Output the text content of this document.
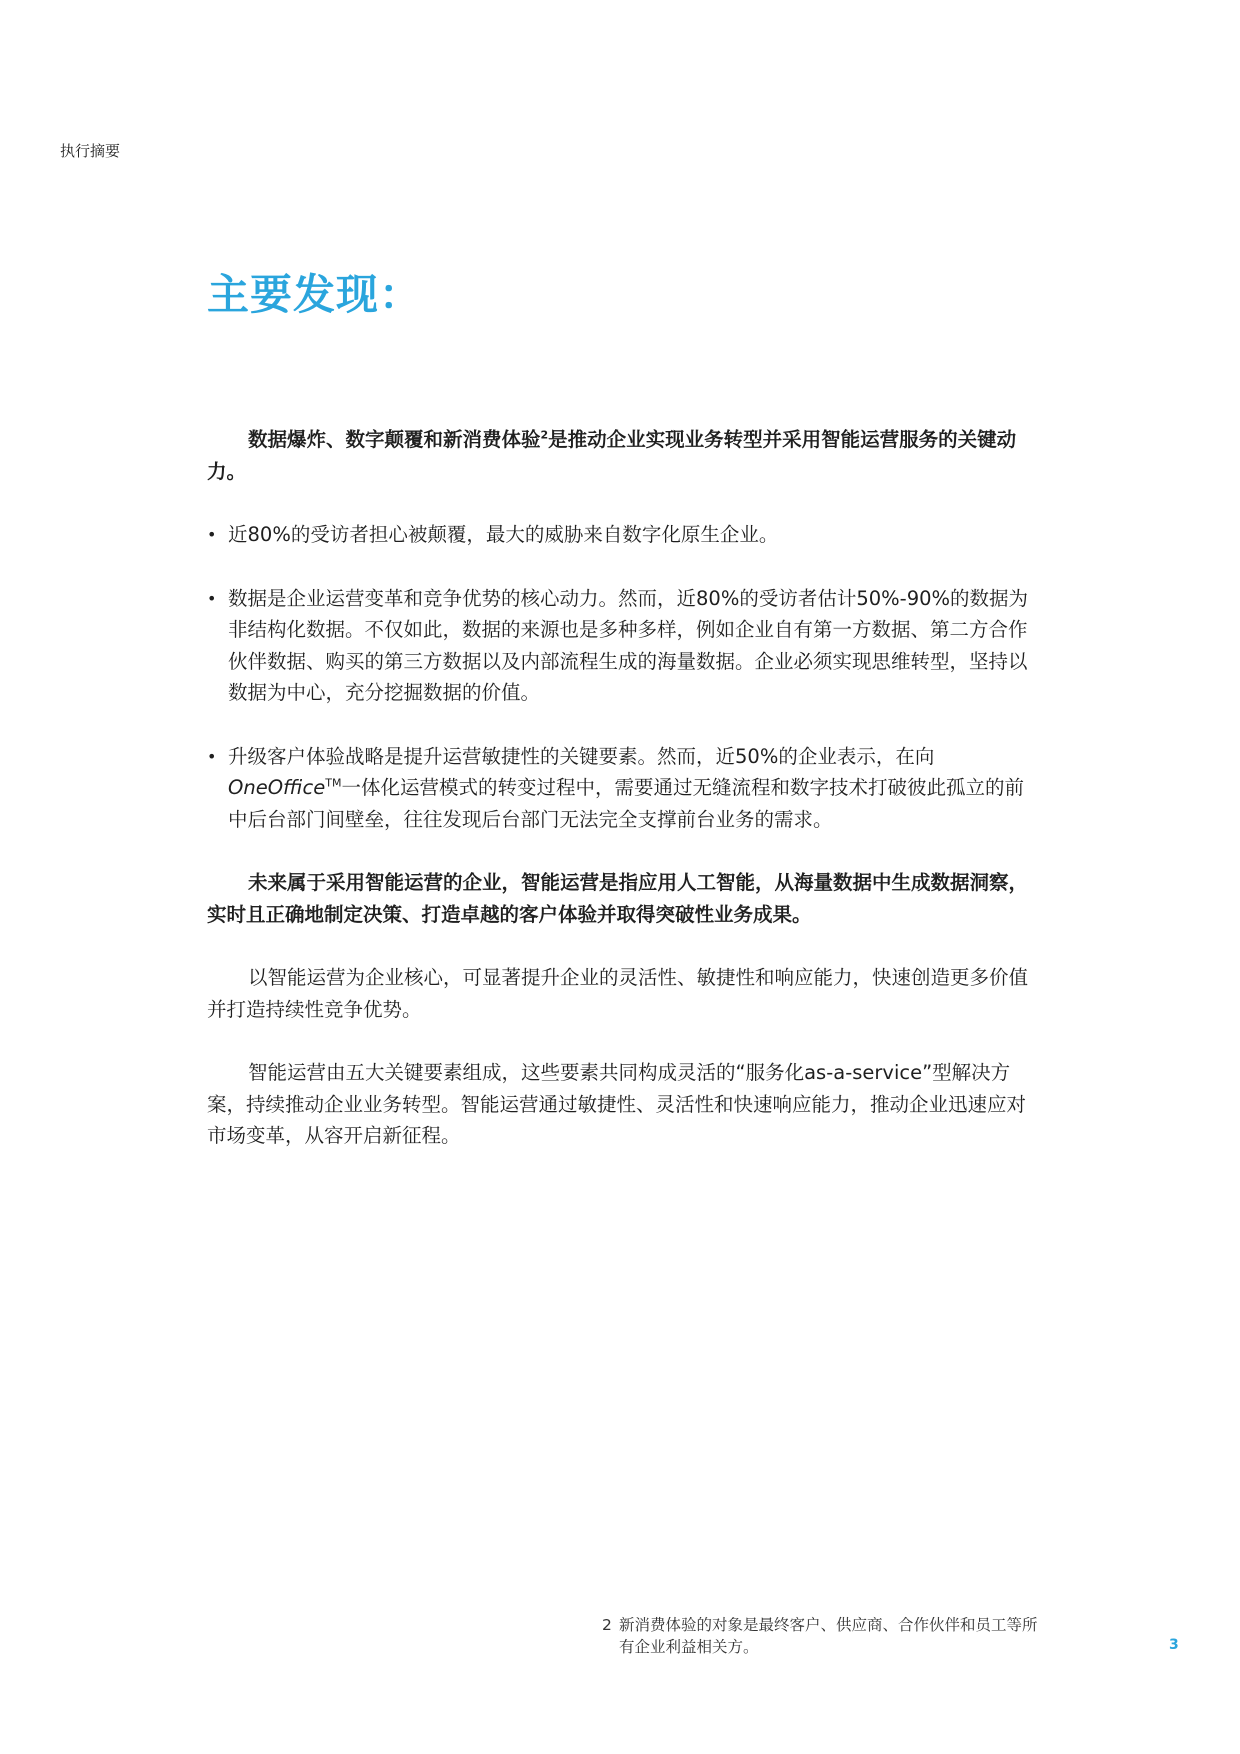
执行摘要
主要发现：

数据爆炸、数字颠覆和新消费体验$^2$是推动企业实现业务转型并采用智能运营服务的关键动力。

• 近80%的受访者担心被颠覆，最大的威胁来自数字化原生企业。

• 数据是企业运营变革和竞争优势的核心动力。然而，近80%的受访者估计50%-90%的数据为非结构化数据。不仅如此，数据的来源也是多种多样，例如企业自有第一方数据、第二方合作伙伴数据、购买的第三方数据以及内部流程生成的海量数据。企业必须实现思维转型，坚持以数据为中心，充分挖掘数据的价值。

• 升级客户体验战略是提升运营敏捷性的关键要素。然而，近50%的企业表示，在向OneOffice™一体化运营模式的转变过程中，需要通过无缝流程和数字技术打破彼此孤立的前中后台部门间壁垒，往往发现后台部门无法完全支撑前台业务的需求。

未来属于采用智能运营的企业，智能运营是指应用人工智能，从海量数据中生成数据洞察，实时且正确地制定决策、打造卓越的客户体验并取得突破性业务成果。

以智能运营为企业核心，可显著提升企业的灵活性、敏捷性和响应能力，快速创造更多价值并打造持续性竞争优势。

智能运营由五大关键要素组成，这些要素共同构成灵活的“服务化as-a-service”型解决方案，持续推动企业业务转型。智能运营通过敏捷性、灵活性和快速响应能力，推动企业迅速应对市场变革，从容开启新征程。

2 新消费体验的对象是最终客户、供应商、合作伙伴和员工等所有企业利益相关方。	3
